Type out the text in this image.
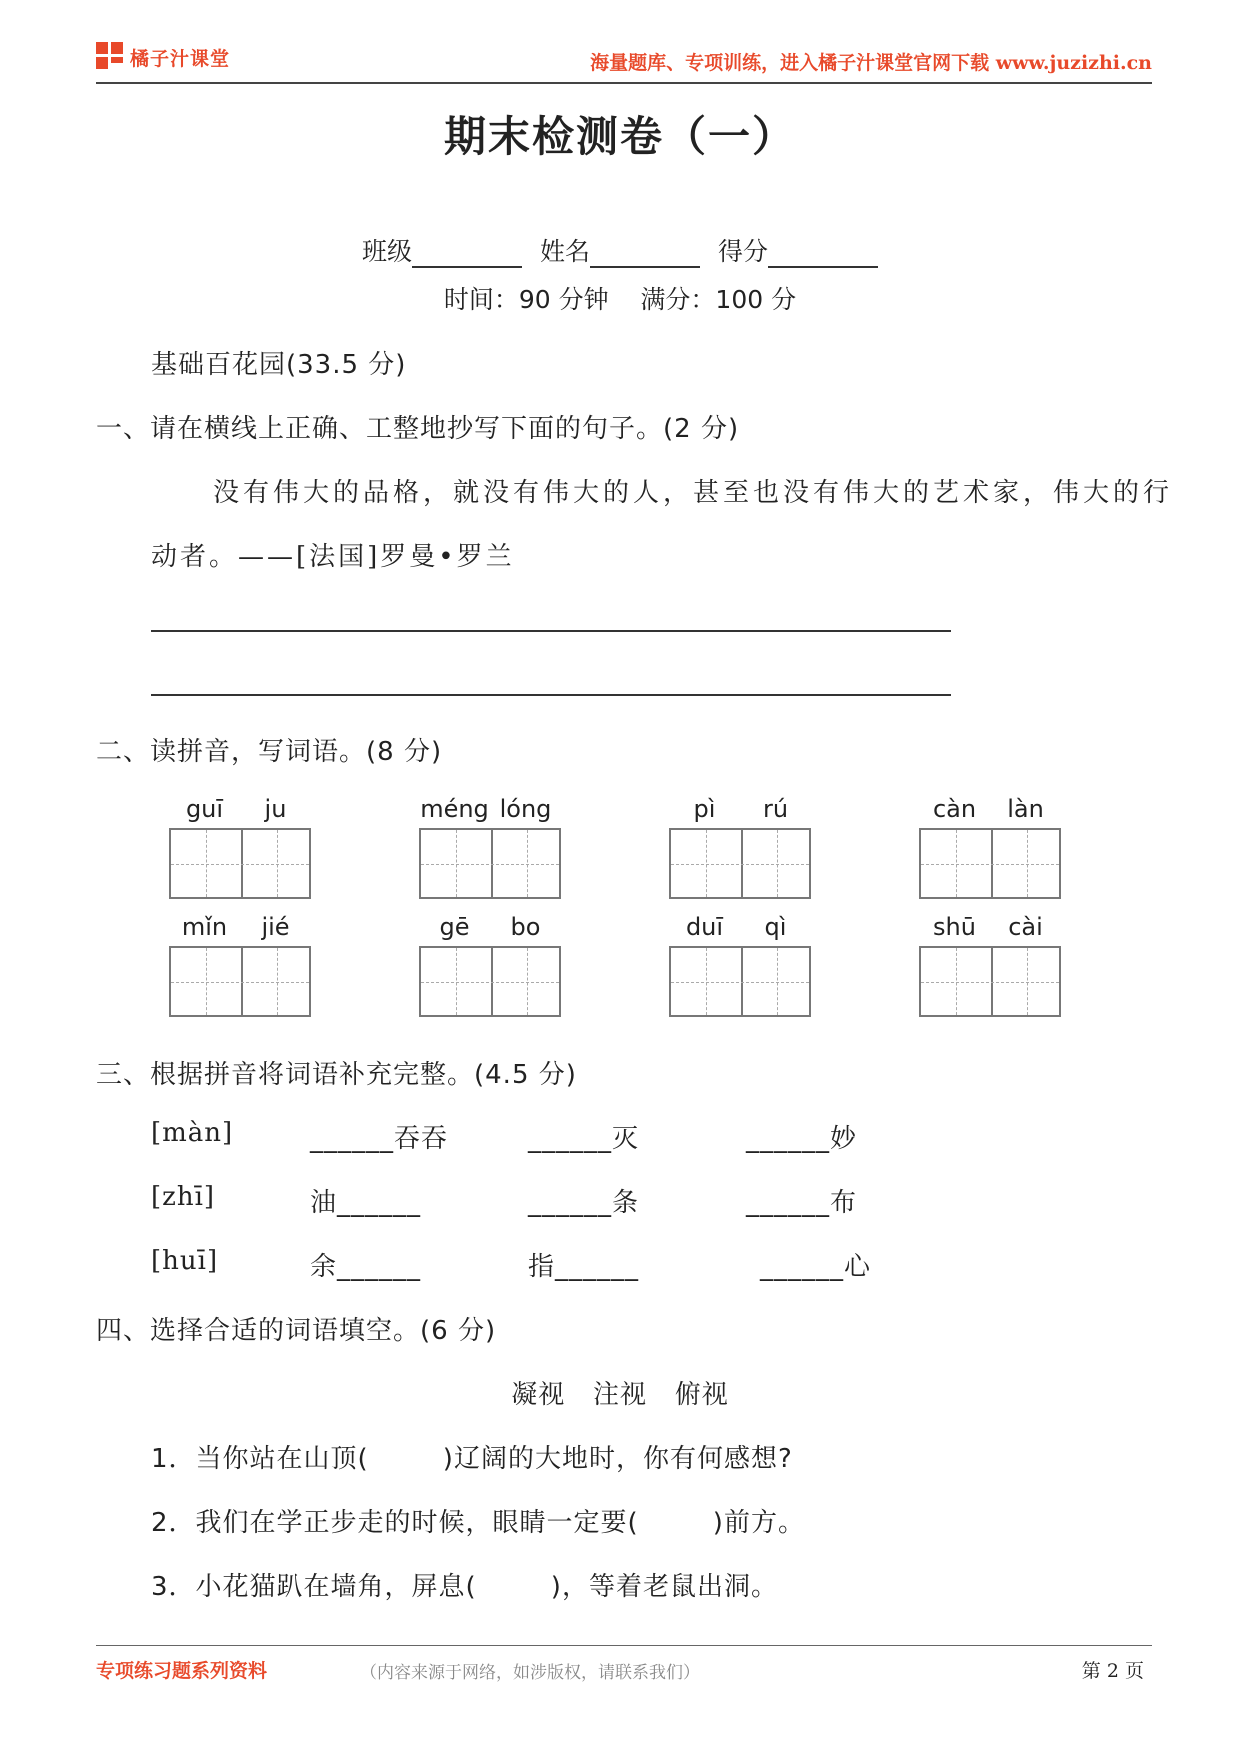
橘子汁课堂	海量题库、专项训练，进入橘子汁课堂官网下载 www.juzizhi.cn
期末检测卷（一）
班级	姓名	得分
时间：90 分钟    满分：100 分
基础百花园(33.5 分)
一、请在横线上正确、工整地抄写下面的句子。(2 分)
没有伟大的品格，就没有伟大的人，甚至也没有伟大的艺术家，伟大的行
动者。——[法国]罗曼•罗兰
二、读拼音，写词语。(8 分)
guī	ju	méng lóng	pì	rú	càn	làn
mǐn	jié	gē	bo	duī	qì	shū	cài
三、根据拼音将词语补充完整。(4.5 分)
[màn]	______吞吞	______灭	______妙
[zhī]	油______	______条	______布
[huī]	余______	指______	______心
四、选择合适的词语填空。(6 分)
凝视   注视   俯视
1．当你站在山顶(        )辽阔的大地时，你有何感想?
2．我们在学正步走的时候，眼睛一定要(        )前方。
3．小花猫趴在墙角，屏息(        )，等着老鼠出洞。
专项练习题系列资料	（内容来源于网络，如涉版权，请联系我们）	第 2 页
